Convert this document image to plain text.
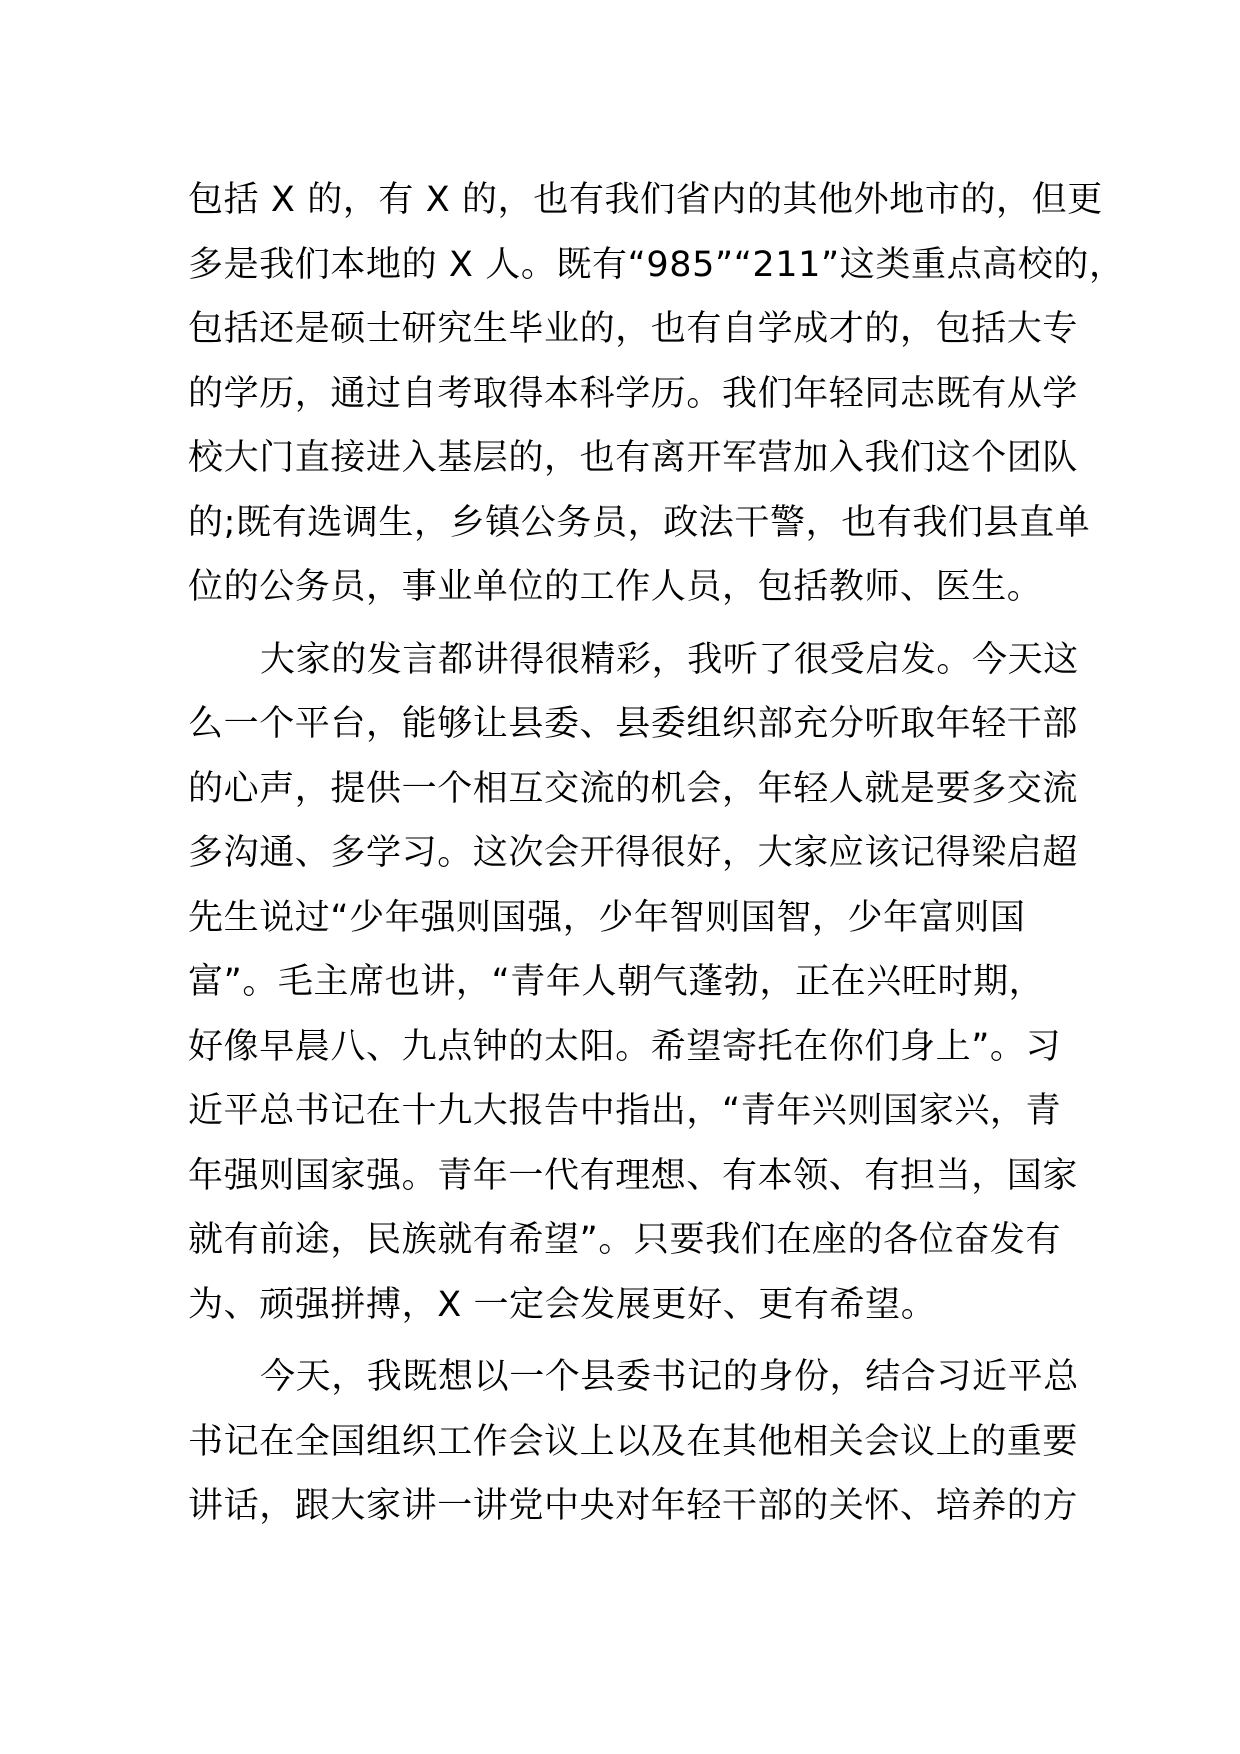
包括 X 的，有 X 的，也有我们省内的其他外地市的，但更
多是我们本地的 X 人。既有“985”“211”这类重点高校的，
包括还是硕士研究生毕业的，也有自学成才的，包括大专
的学历，通过自考取得本科学历。我们年轻同志既有从学
校大门直接进入基层的，也有离开军营加入我们这个团队
的;既有选调生，乡镇公务员，政法干警，也有我们县直单
位的公务员，事业单位的工作人员，包括教师、医生。
大家的发言都讲得很精彩，我听了很受启发。今天这
么一个平台，能够让县委、县委组织部充分听取年轻干部
的心声，提供一个相互交流的机会，年轻人就是要多交流
多沟通、多学习。这次会开得很好，大家应该记得梁启超
先生说过“少年强则国强，少年智则国智，少年富则国
富”。毛主席也讲，“青年人朝气蓬勃，正在兴旺时期，
好像早晨八、九点钟的太阳。希望寄托在你们身上”。习
近平总书记在十九大报告中指出，“青年兴则国家兴，青
年强则国家强。青年一代有理想、有本领、有担当，国家
就有前途，民族就有希望”。只要我们在座的各位奋发有
为、顽强拼搏，X 一定会发展更好、更有希望。
今天，我既想以一个县委书记的身份，结合习近平总
书记在全国组织工作会议上以及在其他相关会议上的重要
讲话，跟大家讲一讲党中央对年轻干部的关怀、培养的方
